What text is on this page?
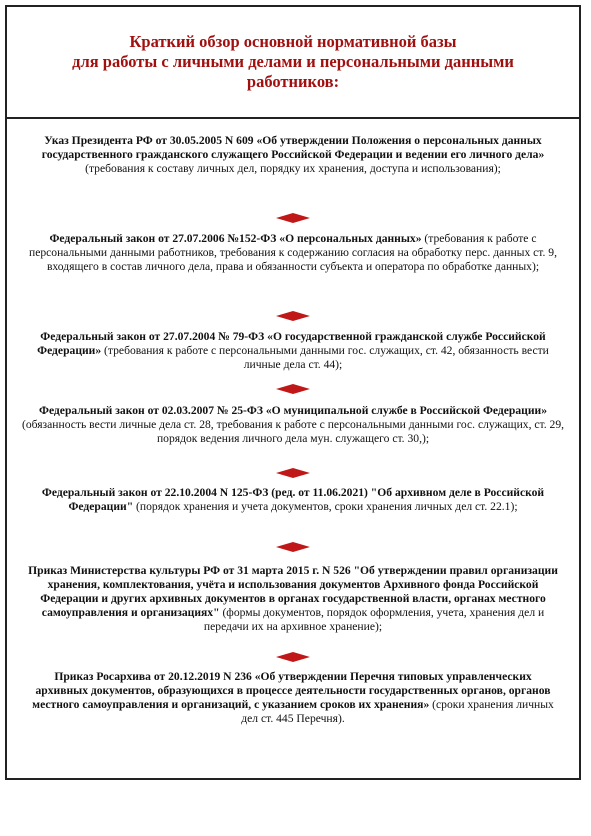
Краткий обзор основной нормативной базы
для работы с личными делами и персональными данными
работников:

Указ Президента РФ от 30.05.2005 N 609 «Об утверждении Положения о персональных данных государственного гражданского служащего Российской Федерации и ведении его личного дела» (требования к составу личных дел, порядку их хранения, доступа и использования);

Федеральный закон от 27.07.2006 №152-ФЗ «О персональных данных» (требования к работе с персональными данными работников, требования к содержанию согласия на обработку перс. данных ст. 9, входящего в состав личного дела, права и обязанности субъекта и оператора по обработке данных);

Федеральный закон от 27.07.2004 № 79-ФЗ «О государственной гражданской службе Российской Федерации» (требования к работе с персональными данными гос. служащих, ст. 42, обязанность вести личные дела ст. 44);

Федеральный закон от 02.03.2007 № 25-ФЗ «О муниципальной службе в Российской Федерации» (обязанность вести личные дела ст. 28, требования к работе с персональными данными гос. служащих, ст. 29, порядок ведения личного дела мун. служащего ст. 30,);

Федеральный закон от 22.10.2004 N 125-ФЗ (ред. от 11.06.2021) "Об архивном деле в Российской Федерации" (порядок хранения и учета документов, сроки хранения личных дел ст. 22.1);

Приказ Министерства культуры РФ от 31 марта 2015 г. N 526 "Об утверждении правил организации хранения, комплектования, учёта и использования документов Архивного фонда Российской Федерации и других архивных документов в органах государственной власти, органах местного самоуправления и организациях" (формы документов, порядок оформления, учета, хранения дел и передачи их на архивное хранение);

Приказ Росархива от 20.12.2019 N 236 «Об утверждении Перечня типовых управленческих архивных документов, образующихся в процессе деятельности государственных органов, органов местного самоуправления и организаций, с указанием сроков их хранения» (сроки хранения личных дел ст. 445 Перечня).
